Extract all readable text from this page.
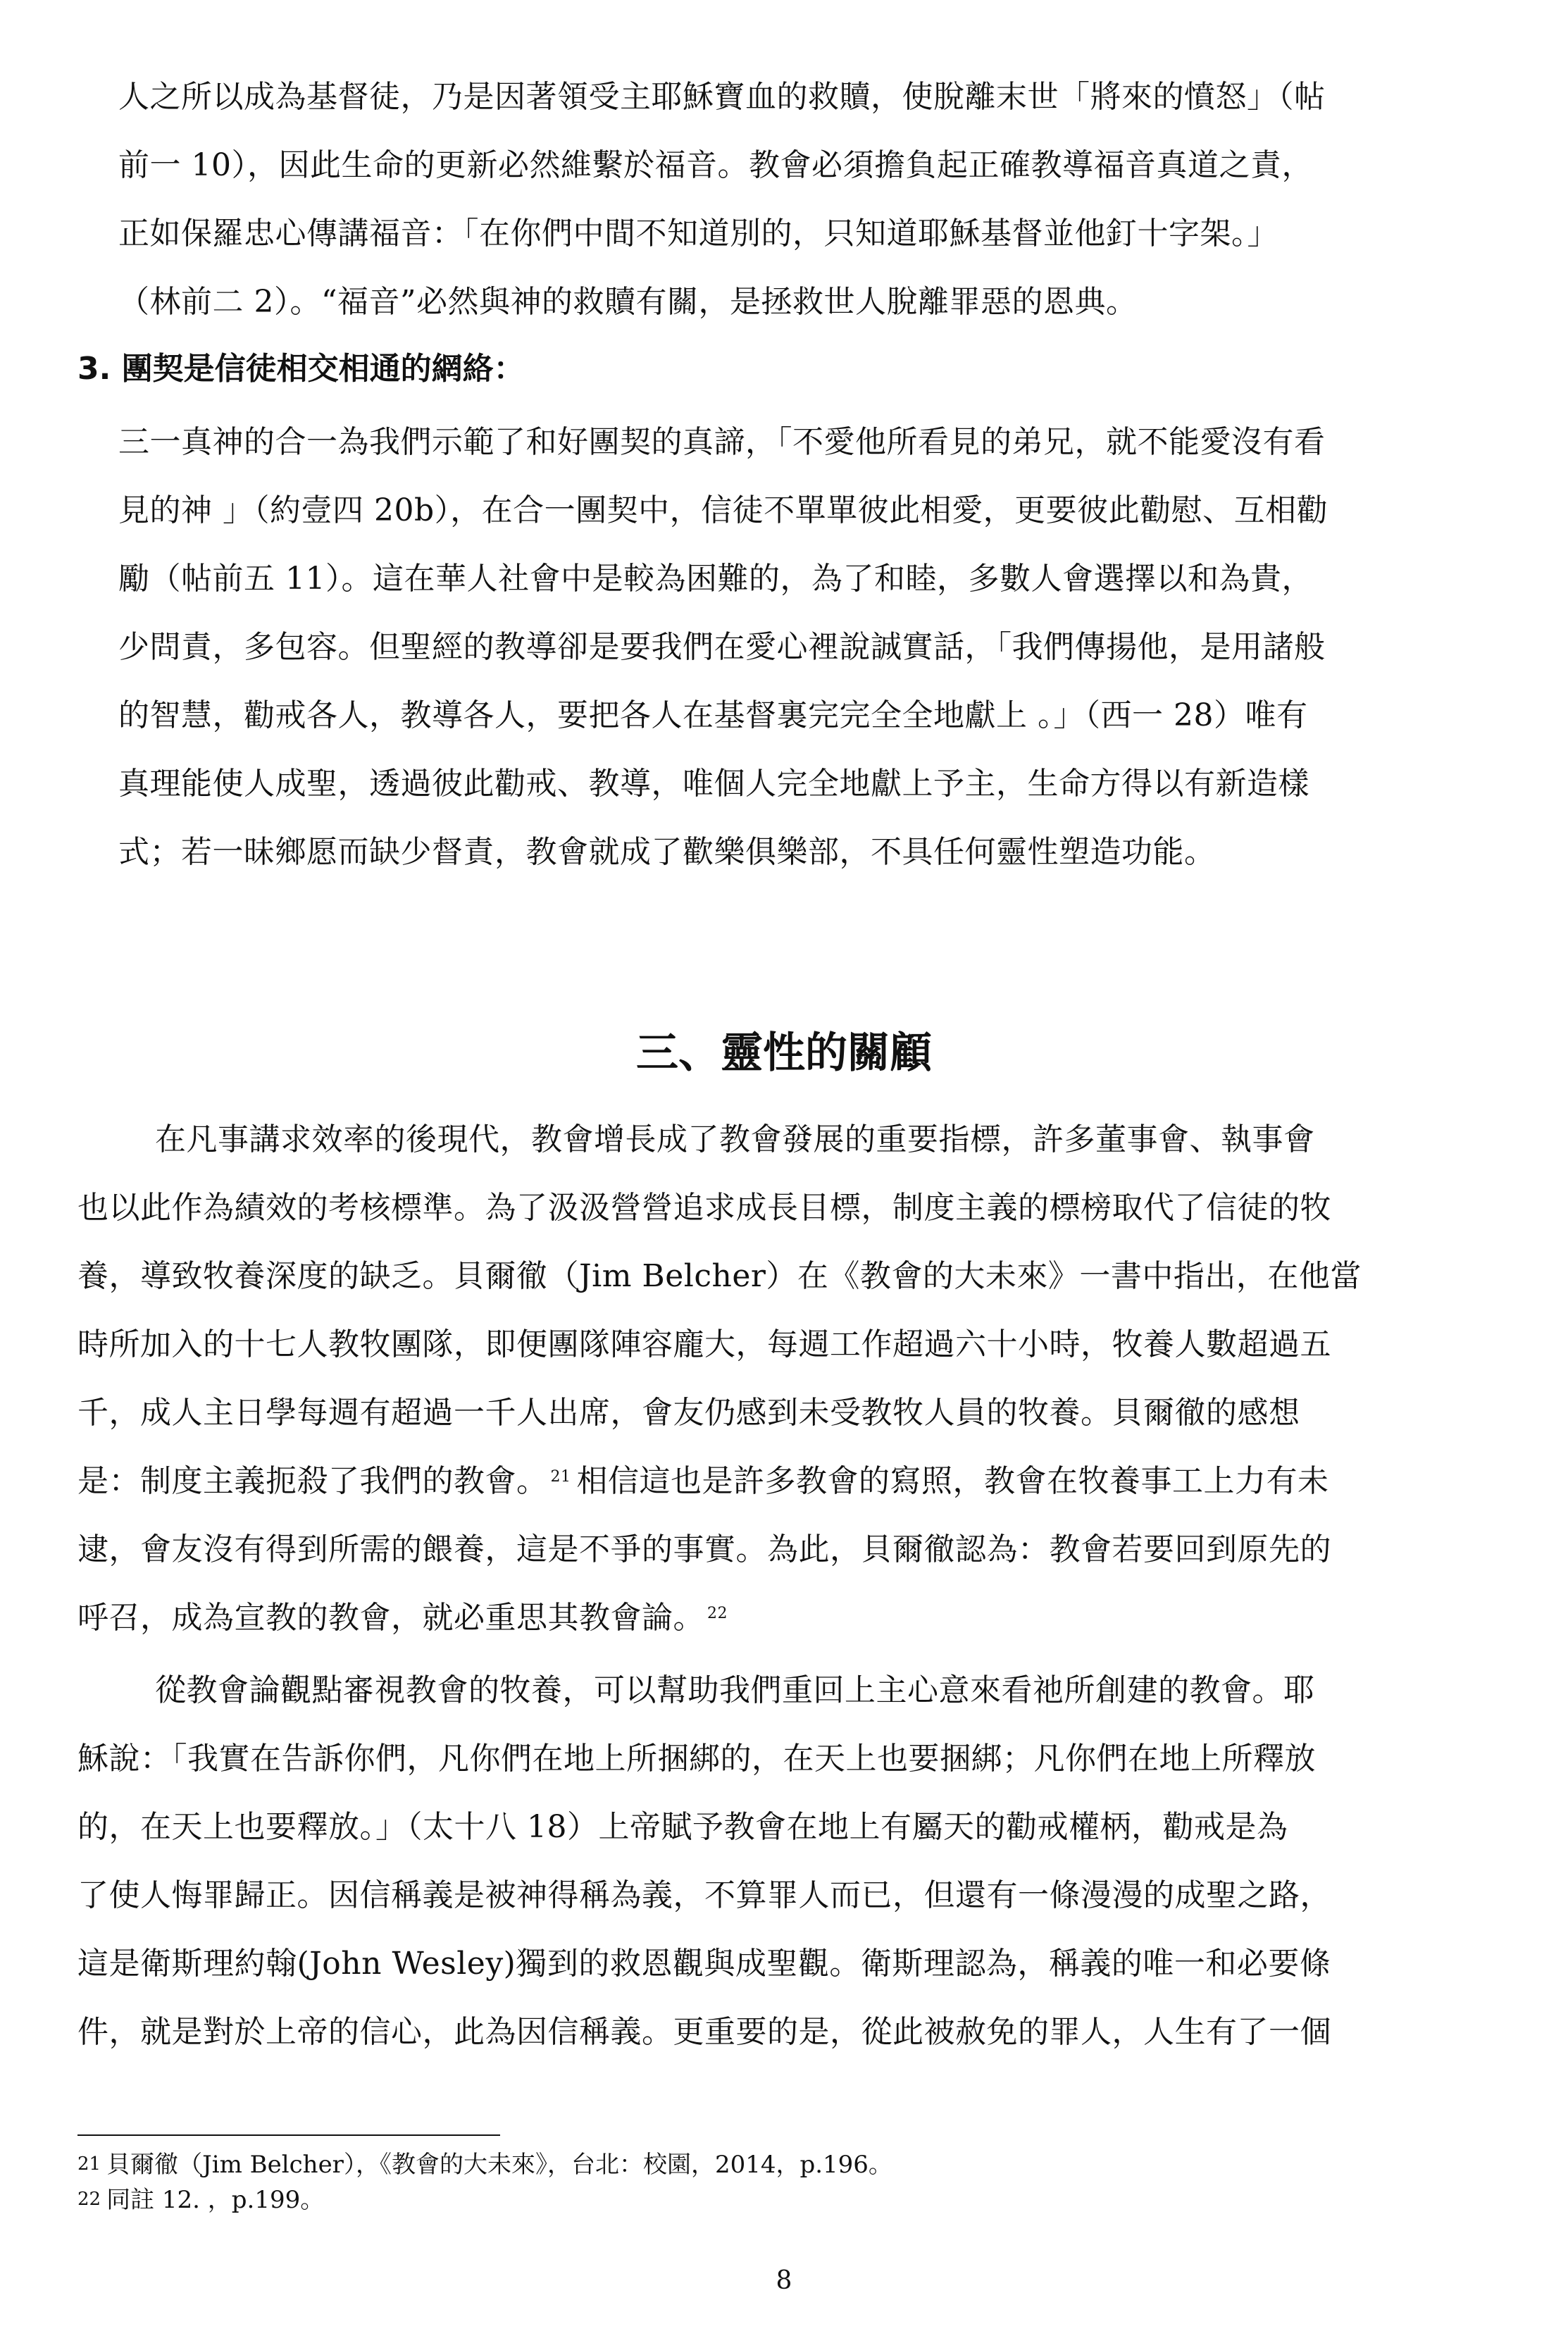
人之所以成為基督徒，乃是因著領受主耶穌寶血的救贖，使脫離末世「將來的憤怒」（帖
前一 10），因此生命的更新必然維繫於福音。教會必須擔負起正確教導福音真道之責，
正如保羅忠心傳講福音：「在你們中間不知道別的，只知道耶穌基督並他釘十字架。」
（林前二 2）。“福音”必然與神的救贖有關，是拯救世人脫離罪惡的恩典。
3. 團契是信徒相交相通的網絡：
三一真神的合一為我們示範了和好團契的真諦，「不愛他所看見的弟兄，就不能愛沒有看
見的神 」（約壹四 20b），在合一團契中，信徒不單單彼此相愛，更要彼此勸慰、互相勸
勵（帖前五 11）。這在華人社會中是較為困難的，為了和睦，多數人會選擇以和為貴，
少問責，多包容。但聖經的教導卻是要我們在愛心裡說誠實話，「我們傳揚他，是用諸般
的智慧，勸戒各人，教導各人，要把各人在基督裏完完全全地獻上 。」（西一 28）唯有
真理能使人成聖，透過彼此勸戒、教導，唯個人完全地獻上予主，生命方得以有新造樣
式；若一昧鄉愿而缺少督責，教會就成了歡樂俱樂部，不具任何靈性塑造功能。
三、靈性的關顧
在凡事講求效率的後現代，教會增長成了教會發展的重要指標，許多董事會、執事會
也以此作為績效的考核標準。為了汲汲營營追求成長目標，制度主義的標榜取代了信徒的牧
養，導致牧養深度的缺乏。貝爾徹（Jim Belcher）在《教會的大未來》一書中指出，在他當
時所加入的十七人教牧團隊，即便團隊陣容龐大，每週工作超過六十小時，牧養人數超過五
千，成人主日學每週有超過一千人出席，會友仍感到未受教牧人員的牧養。貝爾徹的感想
是：制度主義扼殺了我們的教會。 $^{21}$ 相信這也是許多教會的寫照，教會在牧養事工上力有未
逮，會友沒有得到所需的餵養，這是不爭的事實。為此，貝爾徹認為：教會若要回到原先的
呼召，成為宣教的教會，就必重思其教會論。 $^{22}$
從教會論觀點審視教會的牧養，可以幫助我們重回上主心意來看祂所創建的教會。耶
穌說：「我實在告訴你們，凡你們在地上所捆綁的，在天上也要捆綁；凡你們在地上所釋放
的，在天上也要釋放。」（太十八 18）上帝賦予教會在地上有屬天的勸戒權柄，勸戒是為
了使人悔罪歸正。因信稱義是被神得稱為義，不算罪人而已，但還有一條漫漫的成聖之路，
這是衛斯理約翰(John Wesley)獨到的救恩觀與成聖觀。衛斯理認為，稱義的唯一和必要條
件，就是對於上帝的信心，此為因信稱義。更重要的是，從此被赦免的罪人，人生有了一個
21 貝爾徹（Jim Belcher），《教會的大未來》，台北：校園，2014，p.196。
22 同註 12. ，p.199。
8
